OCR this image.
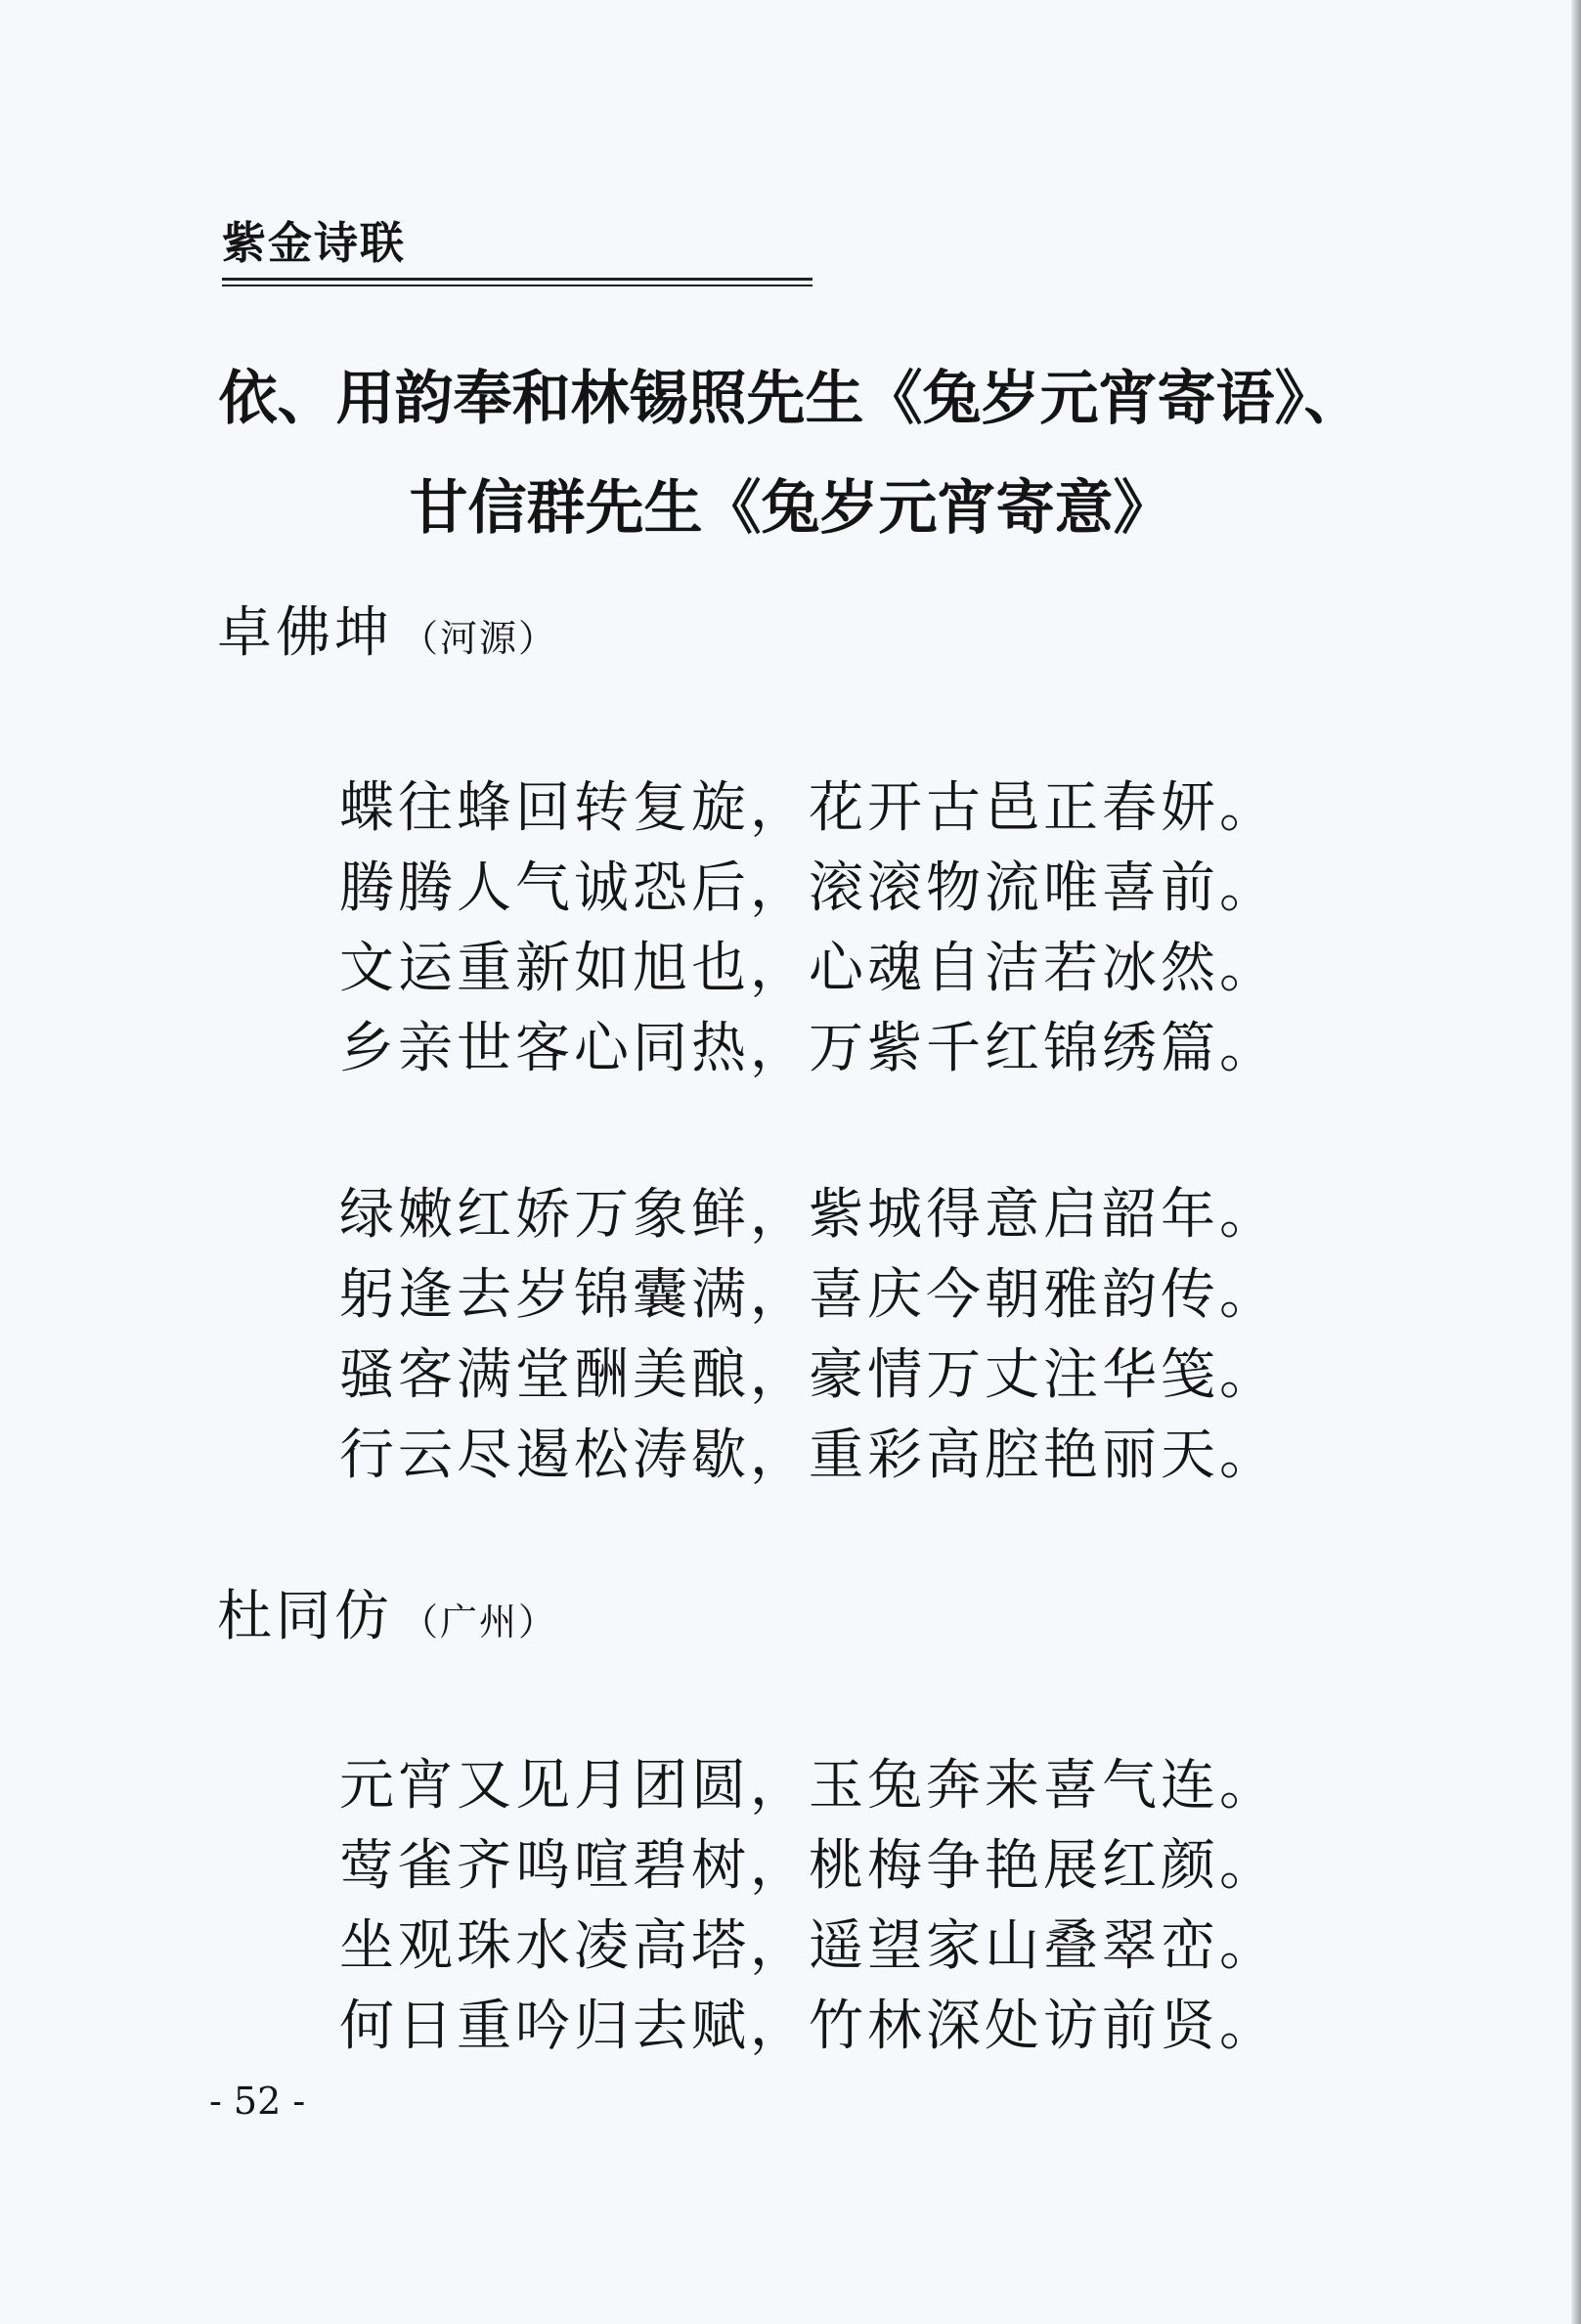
紫金诗联
依、用韵奉和林锡照先生《兔岁元宵寄语》、
甘信群先生《兔岁元宵寄意》
卓佛坤 （河源）
蝶往蜂回转复旋，花开古邑正春妍。
腾腾人气诚恐后，滚滚物流唯喜前。
文运重新如旭也，心魂自洁若冰然。
乡亲世客心同热，万紫千红锦绣篇。
绿嫩红娇万象鲜，紫城得意启韶年。
躬逢去岁锦囊满，喜庆今朝雅韵传。
骚客满堂酬美酿，豪情万丈注华笺。
行云尽遏松涛歇，重彩高腔艳丽天。
杜同仿 （广州）
元宵又见月团圆，玉兔奔来喜气连。
莺雀齐鸣喧碧树，桃梅争艳展红颜。
坐观珠水凌高塔，遥望家山叠翠峦。
何日重吟归去赋，竹林深处访前贤。
- 52 -
